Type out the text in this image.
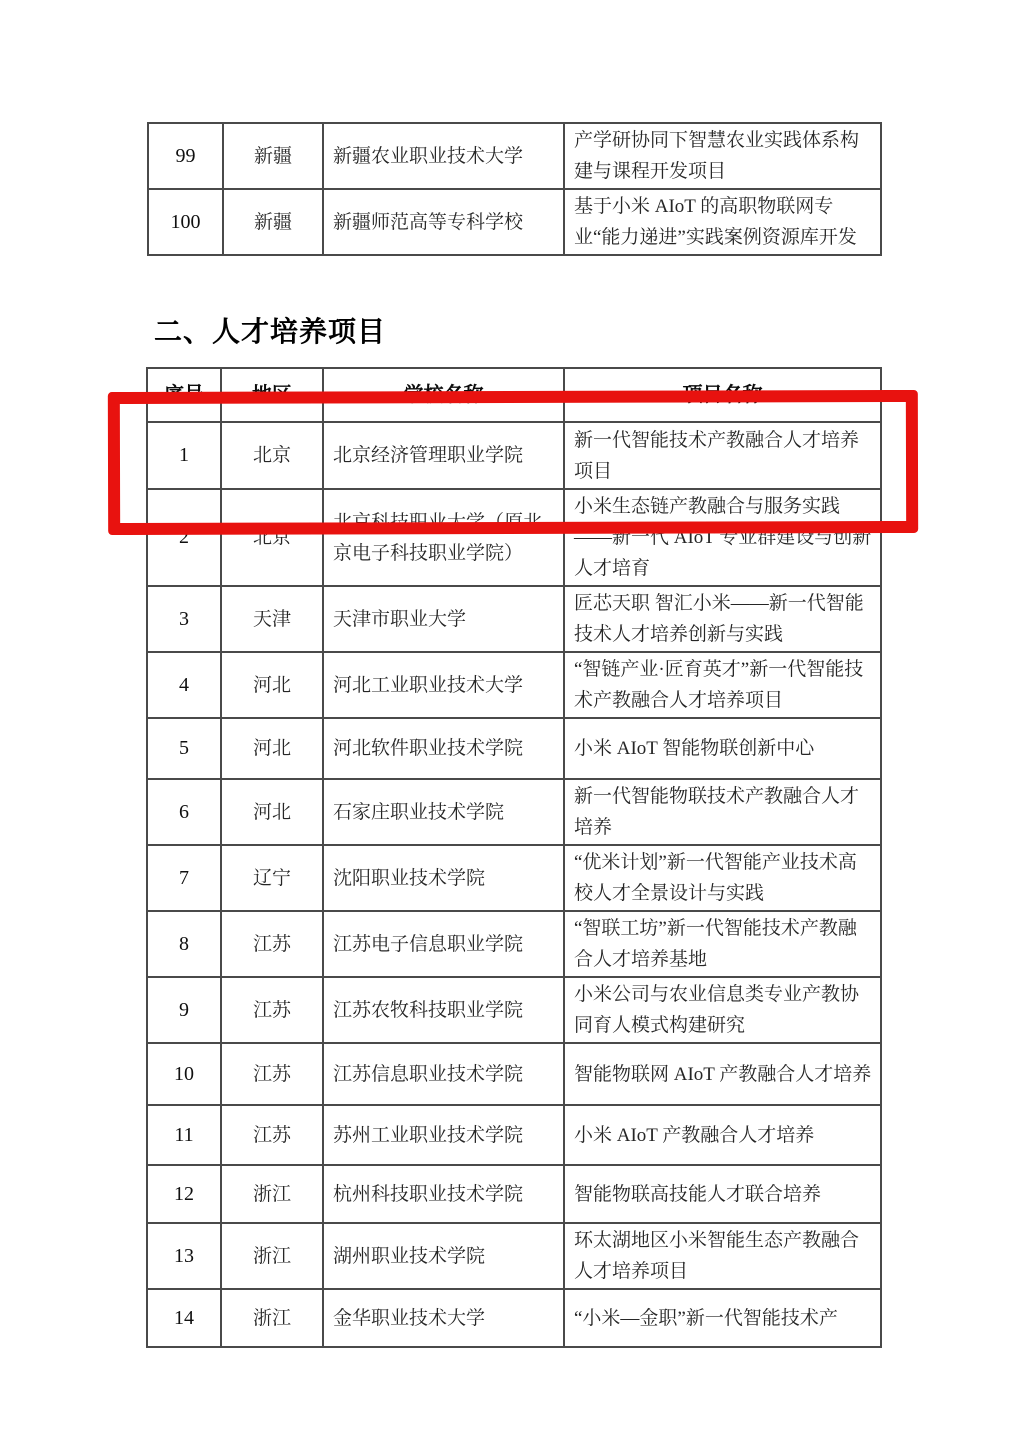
99	新疆	新疆农业职业技术大学	产学研协同下智慧农业实践体系构建与课程开发项目
100	新疆	新疆师范高等专科学校	基于小米 AIoT 的高职物联网专业“能力递进”实践案例资源库开发
二、人才培养项目
序号	地区	学校名称	项目名称
1	北京	北京经济管理职业学院	新一代智能技术产教融合人才培养项目
2	北京	北京科技职业大学（原北京电子科技职业学院）	小米生态链产教融合与服务实践——新一代 AIoT 专业群建设与创新人才培育
3	天津	天津市职业大学	匠芯天职 智汇小米——新一代智能技术人才培养创新与实践
4	河北	河北工业职业技术大学	“智链产业·匠育英才”新一代智能技术产教融合人才培养项目
5	河北	河北软件职业技术学院	小米 AIoT 智能物联创新中心
6	河北	石家庄职业技术学院	新一代智能物联技术产教融合人才培养
7	辽宁	沈阳职业技术学院	“优米计划”新一代智能产业技术高校人才全景设计与实践
8	江苏	江苏电子信息职业学院	“智联工坊”新一代智能技术产教融合人才培养基地
9	江苏	江苏农牧科技职业学院	小米公司与农业信息类专业产教协同育人模式构建研究
10	江苏	江苏信息职业技术学院	智能物联网 AIoT 产教融合人才培养
11	江苏	苏州工业职业技术学院	小米 AIoT 产教融合人才培养
12	浙江	杭州科技职业技术学院	智能物联高技能人才联合培养
13	浙江	湖州职业技术学院	环太湖地区小米智能生态产教融合人才培养项目
14	浙江	金华职业技术大学	“小米—金职”新一代智能技术产
